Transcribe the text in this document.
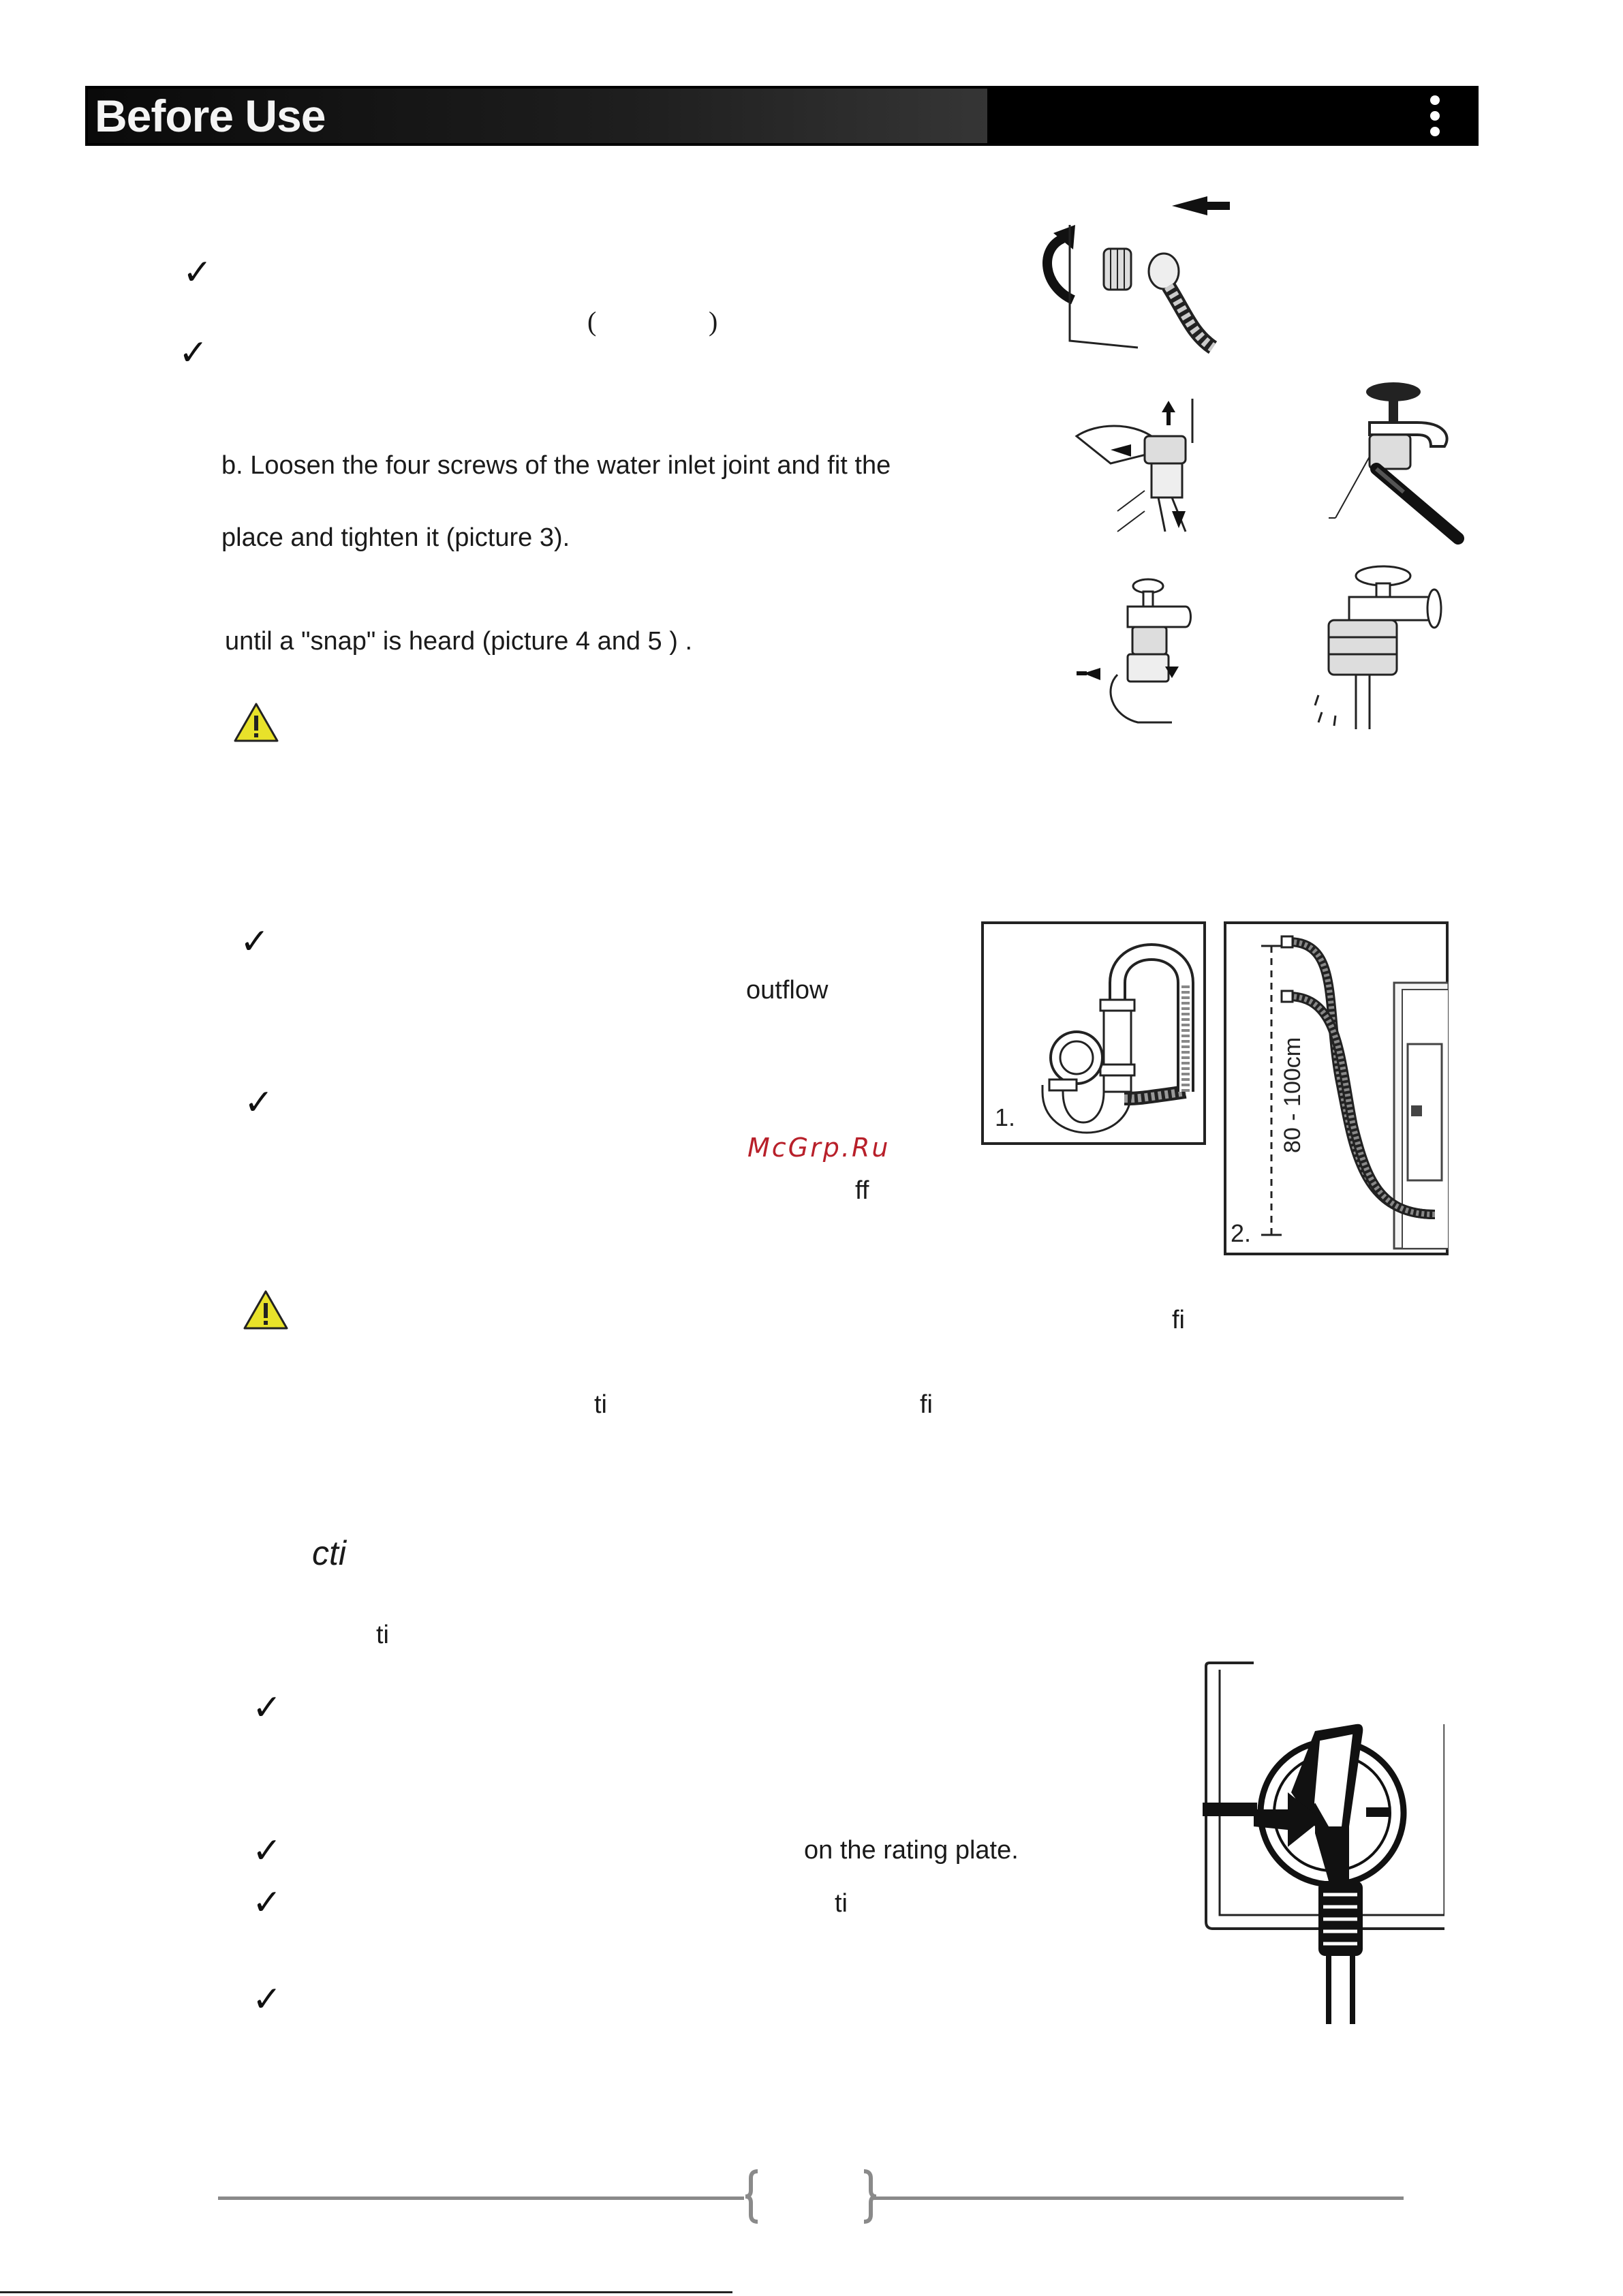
Before Use
✓
✓
(	)
b. Loosen the four screws of the water inlet joint and fit the
place and tighten it (picture 3).
until a "snap" is heard (picture 4 and 5 ) .
✓
outflow
✓
McGrp.Ru
ff
fi
ti	fi
1.	80 - 100cm
2.
cti
ti
✓
✓	on the rating plate.
✓	ti
✓
